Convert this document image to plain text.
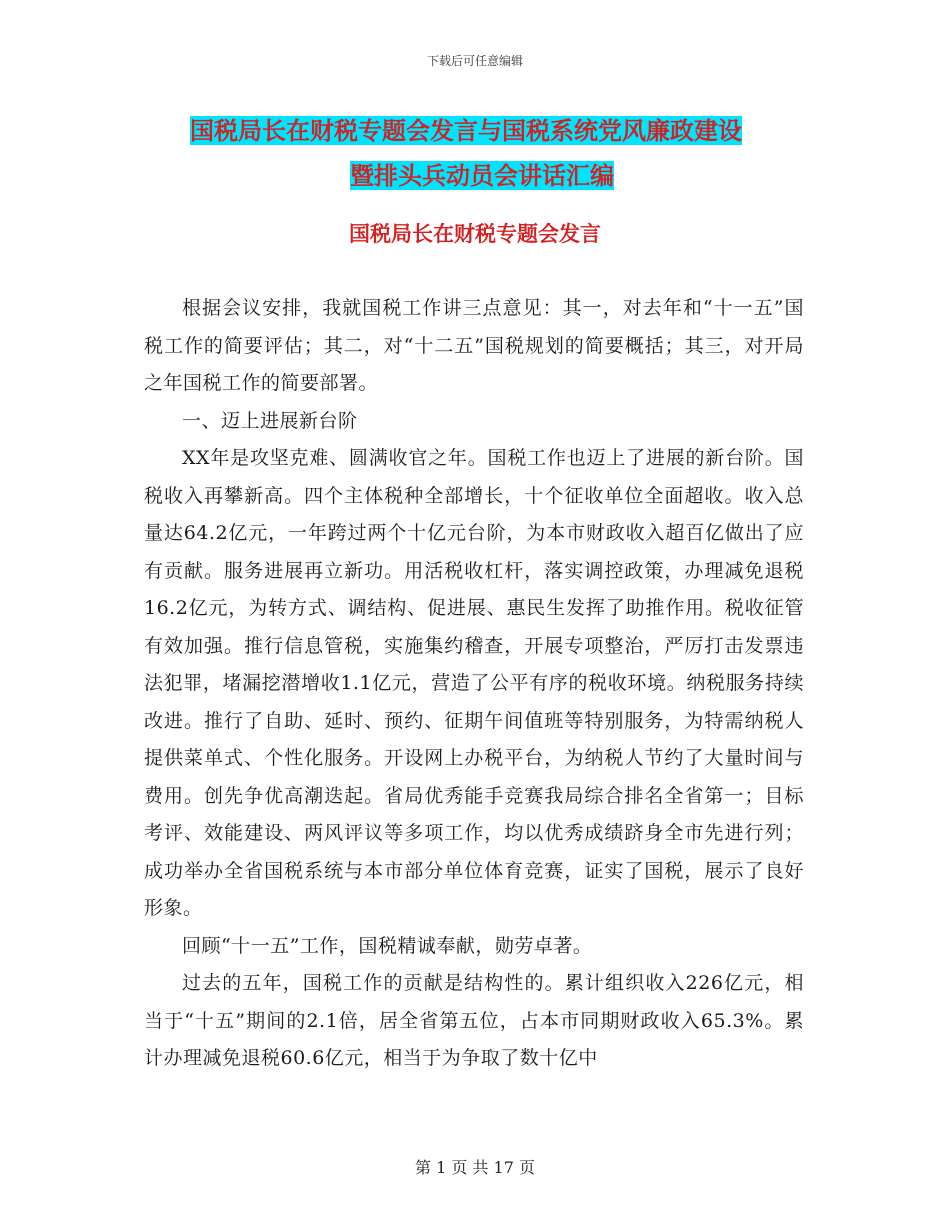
下载后可任意编辑
国税局长在财税专题会发言与国税系统党风廉政建设
暨排头兵动员会讲话汇编
国税局长在财税专题会发言

根据会议安排，我就国税工作讲三点意见：其一，对去年和“十一五”国税工作的简要评估；其二，对“十二五”国税规划的简要概括；其三，对开局之年国税工作的简要部署。

一、迈上进展新台阶

XX年是攻坚克难、圆满收官之年。国税工作也迈上了进展的新台阶。国税收入再攀新高。四个主体税种全部增长，十个征收单位全面超收。收入总量达64.2亿元，一年跨过两个十亿元台阶，为本市财政收入超百亿做出了应有贡献。服务进展再立新功。用活税收杠杆，落实调控政策，办理减免退税16.2亿元，为转方式、调结构、促进展、惠民生发挥了助推作用。税收征管有效加强。推行信息管税，实施集约稽查，开展专项整治，严厉打击发票违法犯罪，堵漏挖潜增收1.1亿元，营造了公平有序的税收环境。纳税服务持续改进。推行了自助、延时、预约、征期午间值班等特别服务，为特需纳税人提供菜单式、个性化服务。开设网上办税平台，为纳税人节约了大量时间与费用。创先争优高潮迭起。省局优秀能手竞赛我局综合排名全省第一；目标考评、效能建设、两风评议等多项工作，均以优秀成绩跻身全市先进行列；成功举办全省国税系统与本市部分单位体育竞赛，证实了国税，展示了良好形象。

回顾“十一五”工作，国税精诚奉献，勋劳卓著。

过去的五年，国税工作的贡献是结构性的。累计组织收入226亿元，相当于“十五”期间的2.1倍，居全省第五位，占本市同期财政收入65.3%。累计办理减免退税60.6亿元，相当于为争取了数十亿中

第 1 页 共 17 页
